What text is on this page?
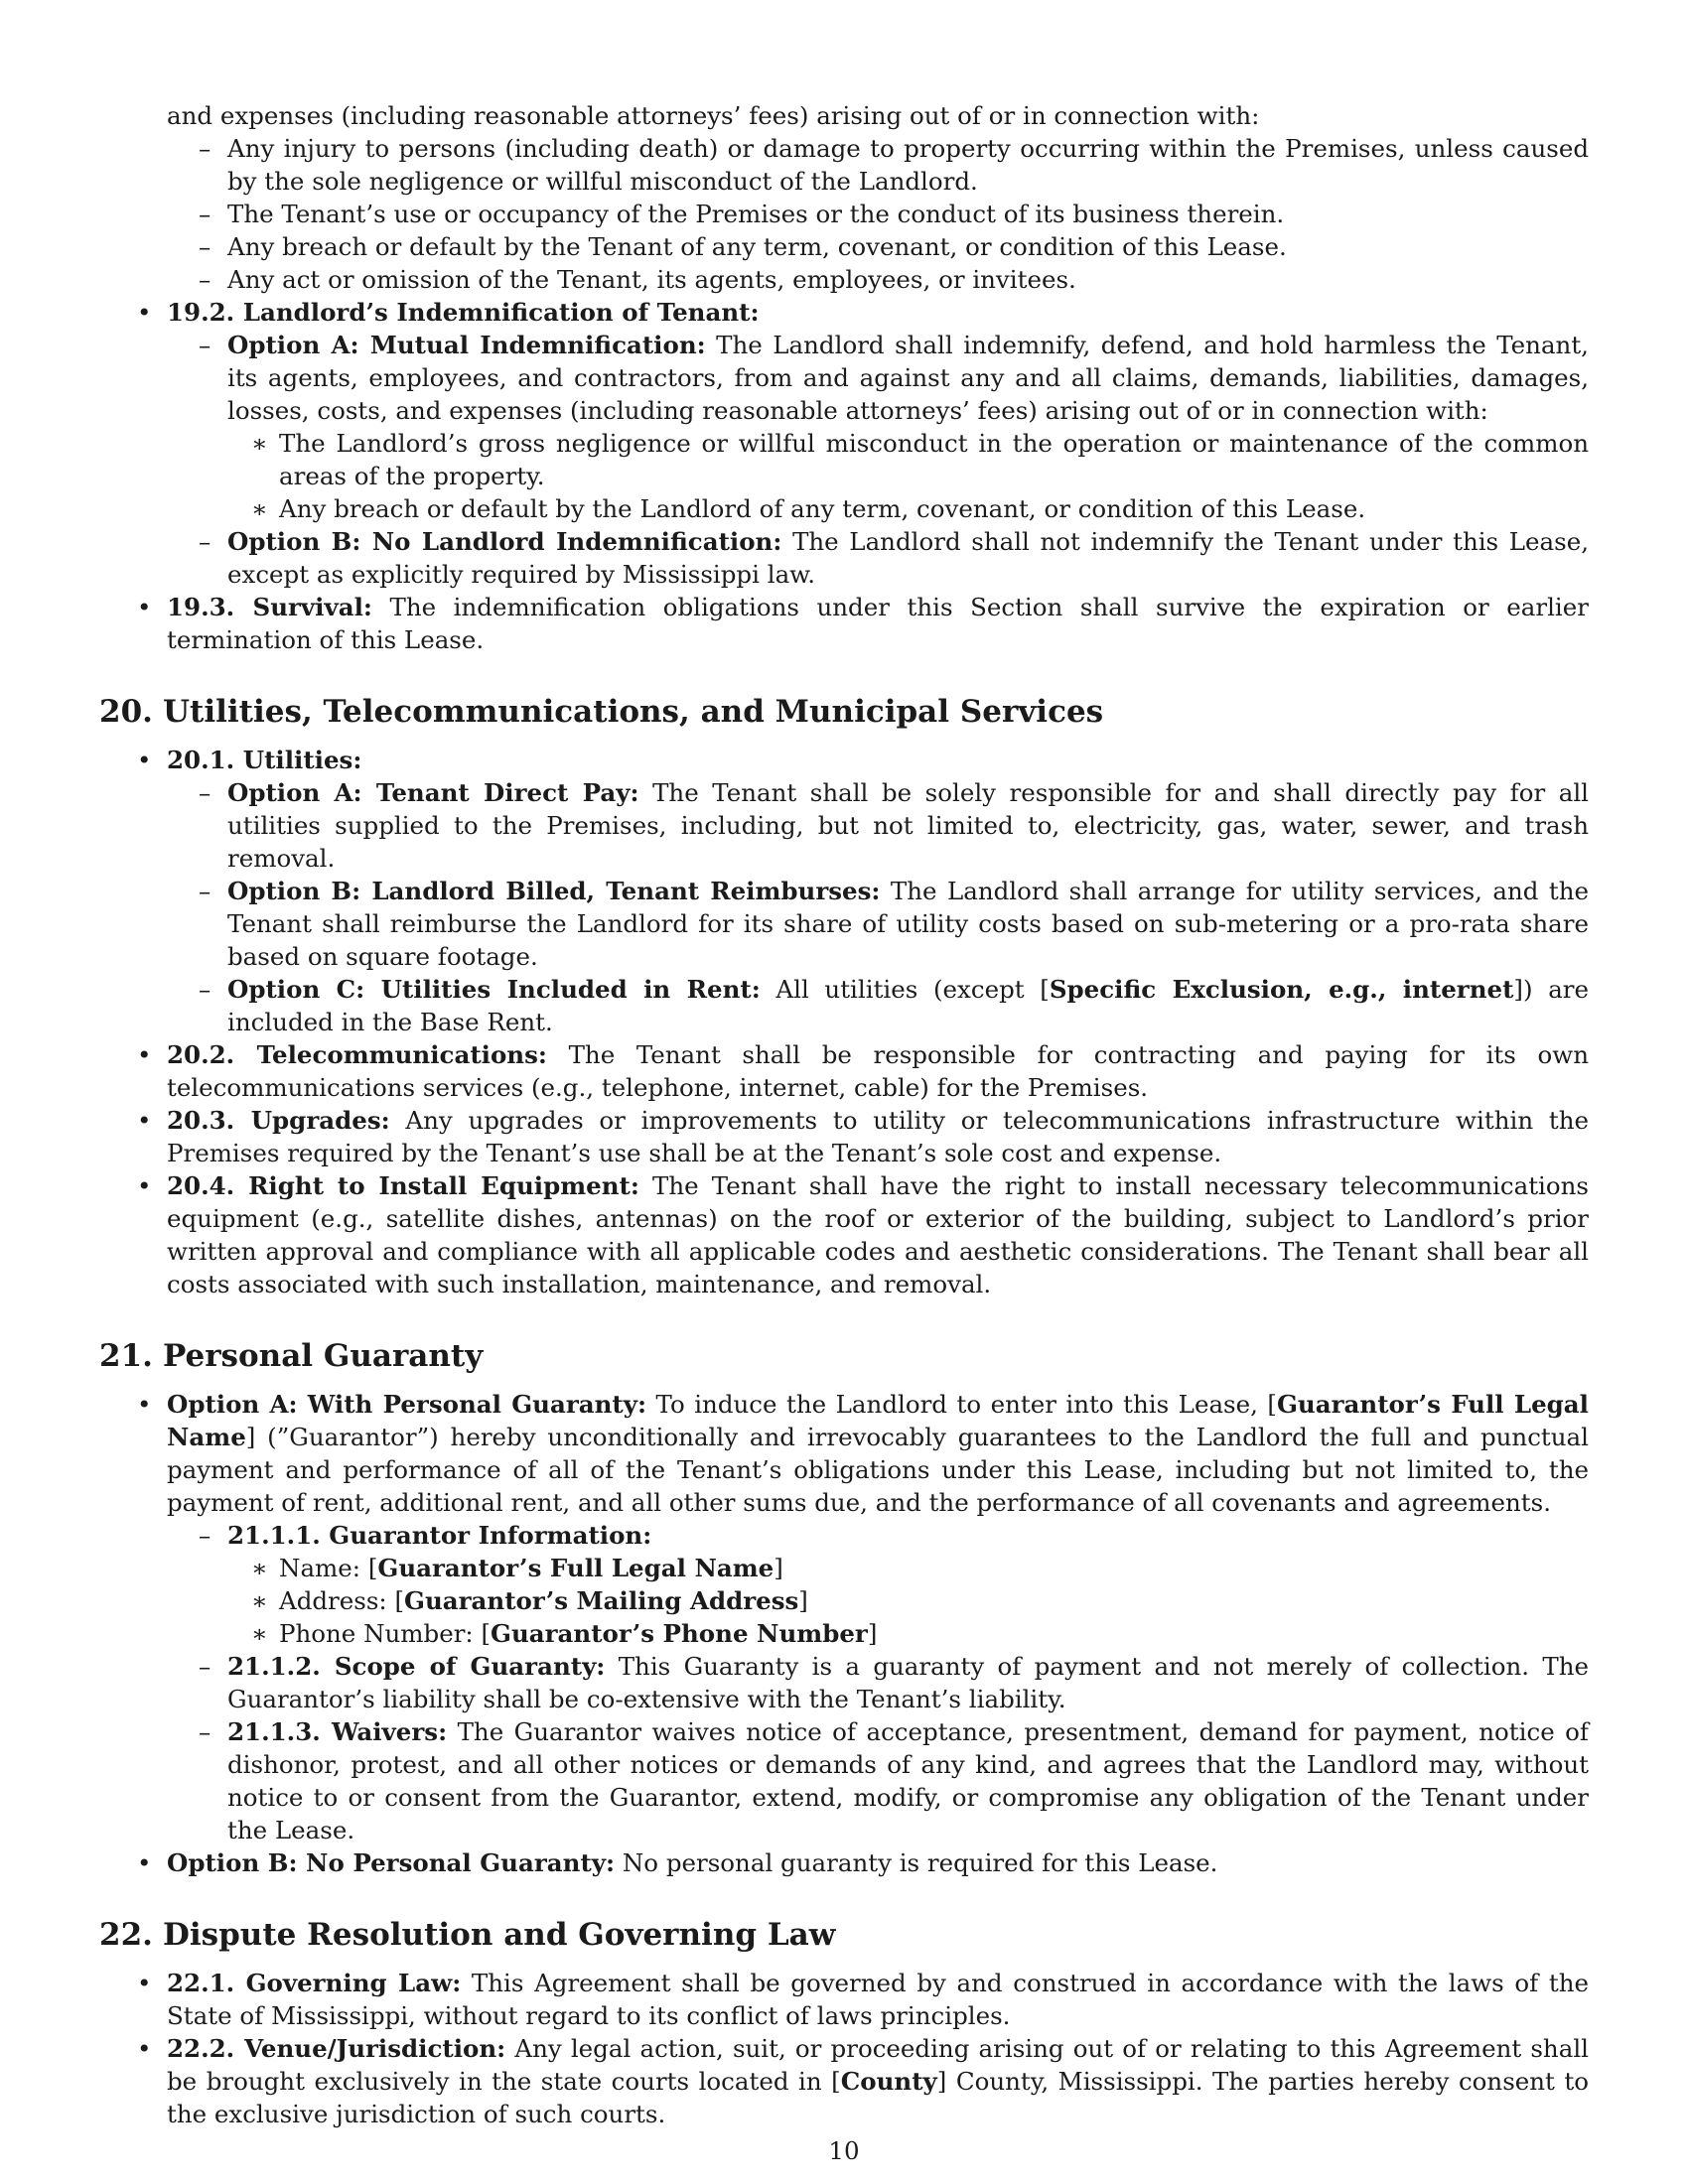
and expenses (including reasonable attorneys’ fees) arising out of or in connection with:
– Any injury to persons (including death) or damage to property occurring within the Premises, unless caused by the sole negligence or willful misconduct of the Landlord.
– The Tenant’s use or occupancy of the Premises or the conduct of its business therein.
– Any breach or default by the Tenant of any term, covenant, or condition of this Lease.
– Any act or omission of the Tenant, its agents, employees, or invitees.
• 19.2. Landlord’s Indemnification of Tenant:
– Option A: Mutual Indemnification: The Landlord shall indemnify, defend, and hold harmless the Tenant, its agents, employees, and contractors, from and against any and all claims, demands, liabilities, damages, losses, costs, and expenses (including reasonable attorneys’ fees) arising out of or in connection with:
∗ The Landlord’s gross negligence or willful misconduct in the operation or maintenance of the common areas of the property.
∗ Any breach or default by the Landlord of any term, covenant, or condition of this Lease.
– Option B: No Landlord Indemnification: The Landlord shall not indemnify the Tenant under this Lease, except as explicitly required by Mississippi law.
• 19.3. Survival: The indemnification obligations under this Section shall survive the expiration or earlier termination of this Lease.
20. Utilities, Telecommunications, and Municipal Services
• 20.1. Utilities:
– Option A: Tenant Direct Pay: The Tenant shall be solely responsible for and shall directly pay for all utilities supplied to the Premises, including, but not limited to, electricity, gas, water, sewer, and trash removal.
– Option B: Landlord Billed, Tenant Reimburses: The Landlord shall arrange for utility services, and the Tenant shall reimburse the Landlord for its share of utility costs based on sub-metering or a pro-rata share based on square footage.
– Option C: Utilities Included in Rent: All utilities (except [Specific Exclusion, e.g., internet]) are included in the Base Rent.
• 20.2. Telecommunications: The Tenant shall be responsible for contracting and paying for its own telecommunications services (e.g., telephone, internet, cable) for the Premises.
• 20.3. Upgrades: Any upgrades or improvements to utility or telecommunications infrastructure within the Premises required by the Tenant’s use shall be at the Tenant’s sole cost and expense.
• 20.4. Right to Install Equipment: The Tenant shall have the right to install necessary telecommunications equipment (e.g., satellite dishes, antennas) on the roof or exterior of the building, subject to Landlord’s prior written approval and compliance with all applicable codes and aesthetic considerations. The Tenant shall bear all costs associated with such installation, maintenance, and removal.
21. Personal Guaranty
• Option A: With Personal Guaranty: To induce the Landlord to enter into this Lease, [Guarantor’s Full Legal Name] (”Guarantor”) hereby unconditionally and irrevocably guarantees to the Landlord the full and punctual payment and performance of all of the Tenant’s obligations under this Lease, including but not limited to, the payment of rent, additional rent, and all other sums due, and the performance of all covenants and agreements.
– 21.1.1. Guarantor Information:
∗ Name: [Guarantor’s Full Legal Name]
∗ Address: [Guarantor’s Mailing Address]
∗ Phone Number: [Guarantor’s Phone Number]
– 21.1.2. Scope of Guaranty: This Guaranty is a guaranty of payment and not merely of collection. The Guarantor’s liability shall be co-extensive with the Tenant’s liability.
– 21.1.3. Waivers: The Guarantor waives notice of acceptance, presentment, demand for payment, notice of dishonor, protest, and all other notices or demands of any kind, and agrees that the Landlord may, without notice to or consent from the Guarantor, extend, modify, or compromise any obligation of the Tenant under the Lease.
• Option B: No Personal Guaranty: No personal guaranty is required for this Lease.
22. Dispute Resolution and Governing Law
• 22.1. Governing Law: This Agreement shall be governed by and construed in accordance with the laws of the State of Mississippi, without regard to its conflict of laws principles.
• 22.2. Venue/Jurisdiction: Any legal action, suit, or proceeding arising out of or relating to this Agreement shall be brought exclusively in the state courts located in [County] County, Mississippi. The parties hereby consent to the exclusive jurisdiction of such courts.
10
